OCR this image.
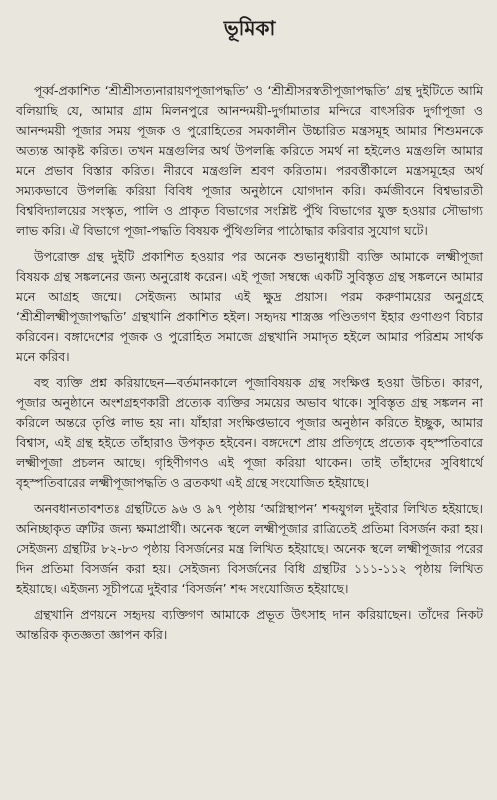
ভূমিকা

পূর্ব্ব-প্রকাশিত ‘শ্রীশ্রীসত্যনারায়ণপূজাপদ্ধতি’ ও ‘শ্রীশ্রীসরস্বতীপূজাপদ্ধতি’ গ্রন্থ দুইটিতে আমি বলিয়াছি যে, আমার গ্রাম মিলনপুরে আনন্দময়ী-দুর্গামাতার মন্দিরে বাৎসরিক দুর্গাপূজা ও আনন্দময়ী পূজার সময় পূজক ও পুরোহিতের সমকালীন উচ্চারিত মন্ত্রসমূহ আমার শিশুমনকে অত্যন্ত আকৃষ্ট করিত। তখন মন্ত্রগুলির অর্থ উপলব্ধি করিতে সমর্থ না হইলেও মন্ত্রগুলি আমার মনে প্রভাব বিস্তার করিত। নীরবে মন্ত্রগুলি শ্রবণ করিতাম। পরবর্ত্তীকালে মন্ত্রসমূহের অর্থ সম্যকভাবে উপলব্ধি করিয়া বিবিধ পূজার অনুষ্ঠানে যোগদান করি। কর্মজীবনে বিশ্বভারতী বিশ্ববিদ্যালয়ের সংস্কৃত, পালি ও প্রাকৃত বিভাগের সংশ্লিষ্ট পুঁথি বিভাগের যুক্ত হওয়ার সৌভাগ্য লাভ করি। ঐ বিভাগে পূজা-পদ্ধতি বিষয়ক পুঁথিগুলির পাঠোদ্ধার করিবার সুযোগ ঘটে।

উপরোক্ত গ্রন্থ দুইটি প্রকাশিত হওয়ার পর অনেক শুভানুধ্যায়ী ব্যক্তি আমাকে লক্ষ্মীপূজা বিষয়ক গ্রন্থ সঙ্কলনের জন্য অনুরোধ করেন। এই পূজা সম্বন্ধে একটি সুবিস্তৃত গ্রন্থ সঙ্কলনে আমার মনে আগ্রহ জন্মে। সেইজন্য আমার এই ক্ষুদ্র প্রয়াস। পরম করুণাময়ের অনুগ্রহে ‘শ্রীশ্রীলক্ষ্মীপূজাপদ্ধতি’ গ্রন্থখানি প্রকাশিত হইল। সহৃদয় শাস্ত্রজ্ঞ পণ্ডিতগণ ইহার গুণাগুণ বিচার করিবেন। বঙ্গাদেশের পূজক ও পুরোহিত সমাজে গ্রন্থখানি সমাদৃত হইলে আমার পরিশ্রম সার্থক মনে করিব।

বহু ব্যক্তি প্রশ্ন করিয়াছেন—বর্তমানকালে পূজাবিষয়ক গ্রন্থ সংক্ষিপ্ত হওয়া উচিত। কারণ, পূজার অনুষ্ঠানে অংশগ্রহণকারী প্রত্যেক ব্যক্তির সময়ের অভাব থাকে। সুবিস্তৃত গ্রন্থ সঙ্কলন না করিলে অন্তরে তৃপ্তি লাভ হয় না। যাঁহারা সংক্ষিপ্তভাবে পূজার অনুষ্ঠান করিতে ইচ্ছুক, আমার বিশ্বাস, এই গ্রন্থ হইতে তাঁহারাও উপকৃত হইবেন। বঙ্গদেশে প্রায় প্রতিগৃহে প্রত্যেক বৃহস্পতিবারে লক্ষ্মীপূজা প্রচলন আছে। গৃহিণীগণও এই পূজা করিয়া থাকেন। তাই তাঁহাদের সুবিধার্থে বৃহস্পতিবারের লক্ষ্মীপূজাপদ্ধতি ও ব্রতকথা এই গ্রন্থে সংযোজিত হইয়াছে।

অনবধানতাবশতঃ গ্রন্থটিতে ৯৬ ও ৯৭ পৃষ্ঠায় ‘অগ্নিস্থাপন’ শব্দযুগল দুইবার লিখিত হইয়াছে। অনিচ্ছাকৃত ত্রুটির জন্য ক্ষমাপ্রার্থী। অনেক স্থলে লক্ষ্মীপূজার রাত্রিতেই প্রতিমা বিসর্জন করা হয়। সেইজন্য গ্রন্থটির ৮২-৮৩ পৃষ্ঠায় বিসর্জনের মন্ত্র লিখিত হইয়াছে। অনেক স্থলে লক্ষ্মীপূজার পরের দিন প্রতিমা বিসর্জন করা হয়। সেইজন্য বিসর্জনের বিধি গ্রন্থটির ১১১-১১২ পৃষ্ঠায় লিখিত হইয়াছে। এইজন্য সূচীপত্রে দুইবার ‘বিসর্জন’ শব্দ সংযোজিত হইয়াছে।

গ্রন্থখানি প্রণয়নে সহৃদয় ব্যক্তিগণ আমাকে প্রভূত উৎসাহ দান করিয়াছেন। তাঁদের নিকট আন্তরিক কৃতজ্ঞতা জ্ঞাপন করি।
